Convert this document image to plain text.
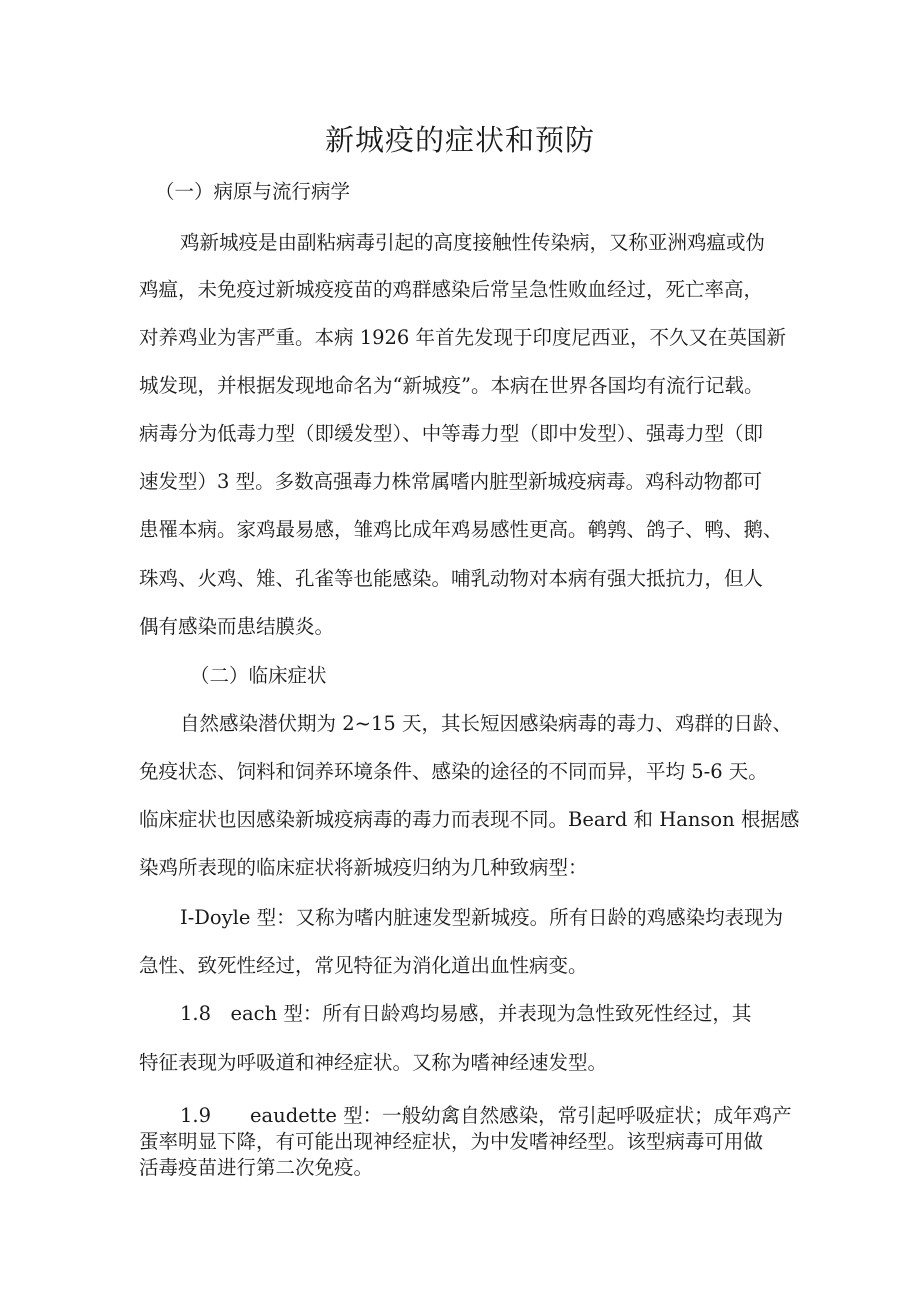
新城疫的症状和预防
（一）病原与流行病学
鸡新城疫是由副粘病毒引起的高度接触性传染病，又称亚洲鸡瘟或伪
鸡瘟，未免疫过新城疫疫苗的鸡群感染后常呈急性败血经过，死亡率高，
对养鸡业为害严重。本病 1926 年首先发现于印度尼西亚，不久又在英国新
城发现，并根据发现地命名为“新城疫”。本病在世界各国均有流行记载。
病毒分为低毒力型（即缓发型）、中等毒力型（即中发型）、强毒力型（即
速发型）3 型。多数高强毒力株常属嗜内脏型新城疫病毒。鸡科动物都可
患罹本病。家鸡最易感，雏鸡比成年鸡易感性更高。鹌鹑、鸽子、鸭、鹅、
珠鸡、火鸡、雉、孔雀等也能感染。哺乳动物对本病有强大抵抗力，但人
偶有感染而患结膜炎。
（二）临床症状
自然感染潜伏期为 2~15 天，其长短因感染病毒的毒力、鸡群的日龄、
免疫状态、饲料和饲养环境条件、感染的途径的不同而异，平均 5-6 天。
临床症状也因感染新城疫病毒的毒力而表现不同。Beard 和 Hanson 根据感
染鸡所表现的临床症状将新城疫归纳为几种致病型：
I-Doyle 型：又称为嗜内脏速发型新城疫。所有日龄的鸡感染均表现为
急性、致死性经过，常见特征为消化道出血性病变。
1.8　each 型：所有日龄鸡均易感，并表现为急性致死性经过，其
特征表现为呼吸道和神经症状。又称为嗜神经速发型。
1.9　　eaudette 型：一般幼禽自然感染，常引起呼吸症状；成年鸡产
蛋率明显下降，有可能出现神经症状，为中发嗜神经型。该型病毒可用做
活毒疫苗进行第二次免疫。
